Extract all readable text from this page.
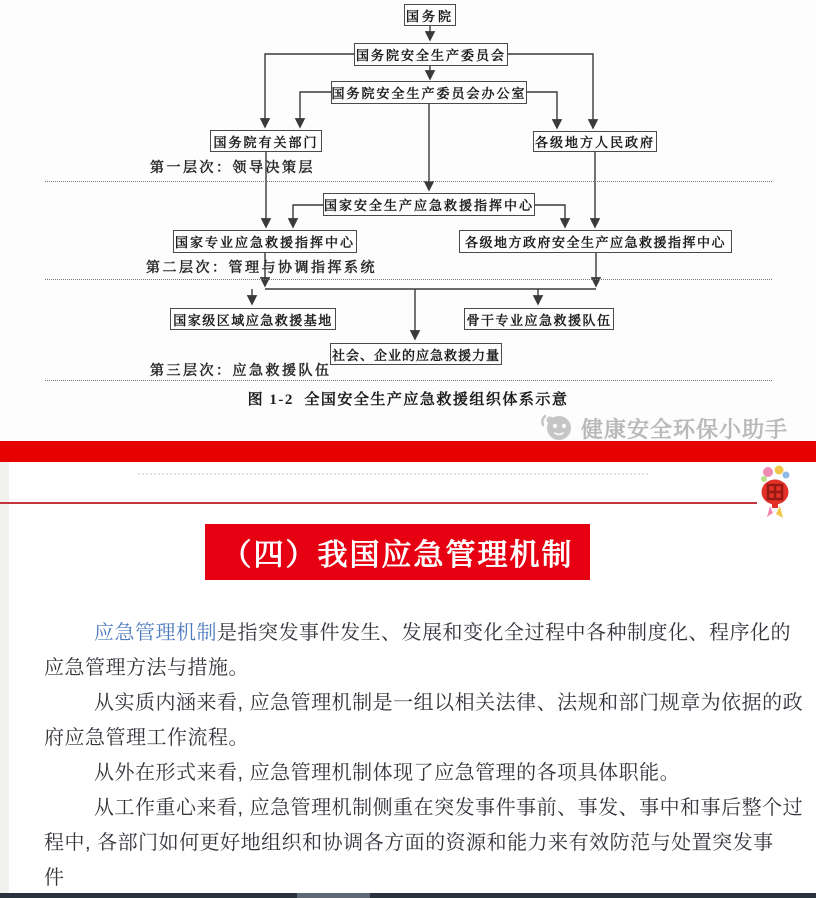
国务院
国务院安全生产委员会
国务院安全生产委员会办公室
国务院有关部门	各级地方人民政府
国家安全生产应急救援指挥中心
国家专业应急救援指挥中心	各级地方政府安全生产应急救援指挥中心
国家级区域应急救援基地	骨干专业应急救援队伍
社会、企业的应急救援力量
第一层次：领导决策层
第二层次：管理与协调指挥系统
第三层次：应急救援队伍
图 1-2  全国安全生产应急救援组织体系示意
健康安全环保小助手
（四）我国应急管理机制
应急管理机制是指突发事件发生、发展和变化全过程中各种制度化、程序化的
应急管理方法与措施。
从实质内涵来看, 应急管理机制是一组以相关法律、法规和部门规章为依据的政
府应急管理工作流程。
从外在形式来看, 应急管理机制体现了应急管理的各项具体职能。
从工作重心来看, 应急管理机制侧重在突发事件事前、事发、事中和事后整个过
程中, 各部门如何更好地组织和协调各方面的资源和能力来有效防范与处置突发事
件
